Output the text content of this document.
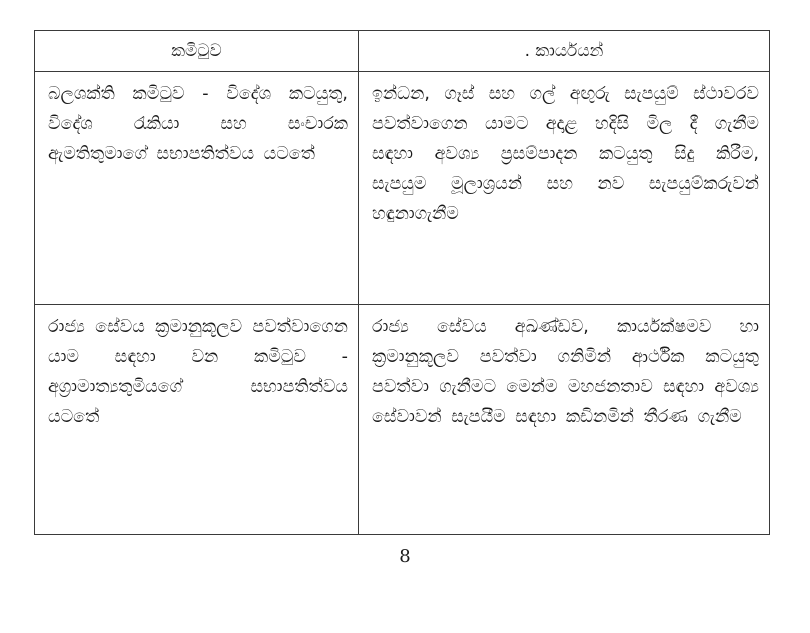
කමිටුව	. කාර්යයන්
බලශක්ති කමිටුව - විදේශ කටයුතු, විදේශ රැකියා සහ සංචාරක ඇමතිතුමාගේ සභාපතිත්වය යටතේ	ඉන්ධන, ගෑස් සහ ගල් අඟුරු සැපයුම් ස්ථාවරව පවත්වාගෙන යාමට අදාළ හදිසි මිල දී ගැනීම සඳහා අවශ්‍ය ප්‍රසම්පාදන කටයුතු සිදු කිරීම, සැපයුම මූලාශ්‍රයන් සහ නව සැපයුම්කරුවන් හඳුනාගැනීම
රාජ්‍ය සේවය ක්‍රමානුකූලව පවත්වාගෙන යාම සඳහා වන කමිටුව - අග්‍රාමාත්‍යතුමියගේ සභාපතිත්වය යටතේ	රාජ්‍ය සේවය අඛණ්ඩව, කාර්යක්ෂමව හා ක්‍රමානුකූලව පවත්වා ගනිමින් ආර්ථික කටයුතු පවත්වා ගැනීමට මෙන්ම මහජනතාව සඳහා අවශ්‍ය සේවාවන් සැපයීම සඳහා කඩිනමින් තීරණ ගැනීම
8
